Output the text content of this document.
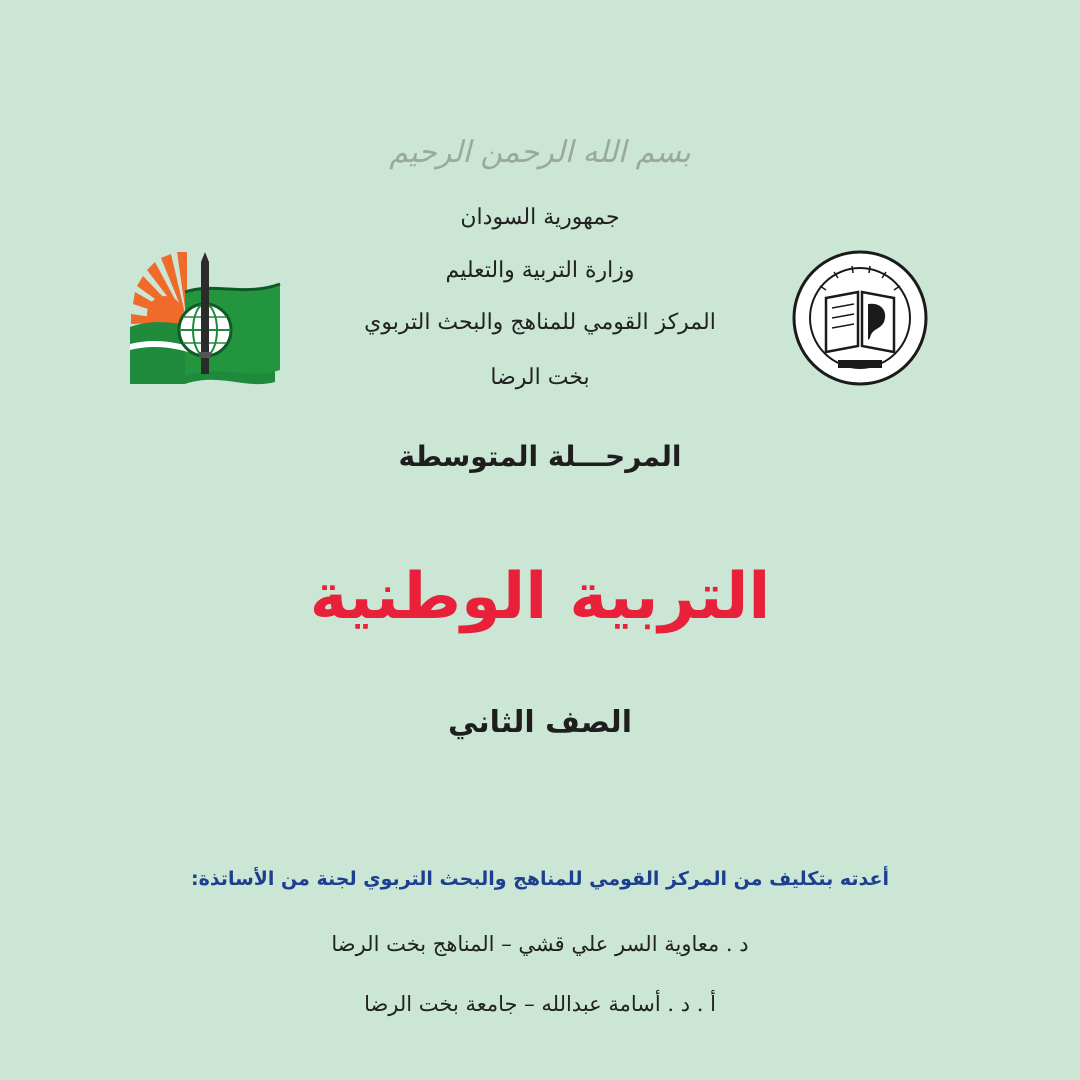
بسم الله الرحمن الرحيم
جمهورية السودان
وزارة التربية والتعليم
المركز القومي للمناهج والبحث التربوي
بخت الرضا
المرحـــلة المتوسطة
التربية الوطنية
الصف الثاني
أعدته بتكليف من المركز القومي للمناهج والبحث التربوي لجنة من الأساتذة:
د . معاوية السر علي قشي – المناهج بخت الرضا
أ . د . أسامة عبدالله – جامعة بخت الرضا
